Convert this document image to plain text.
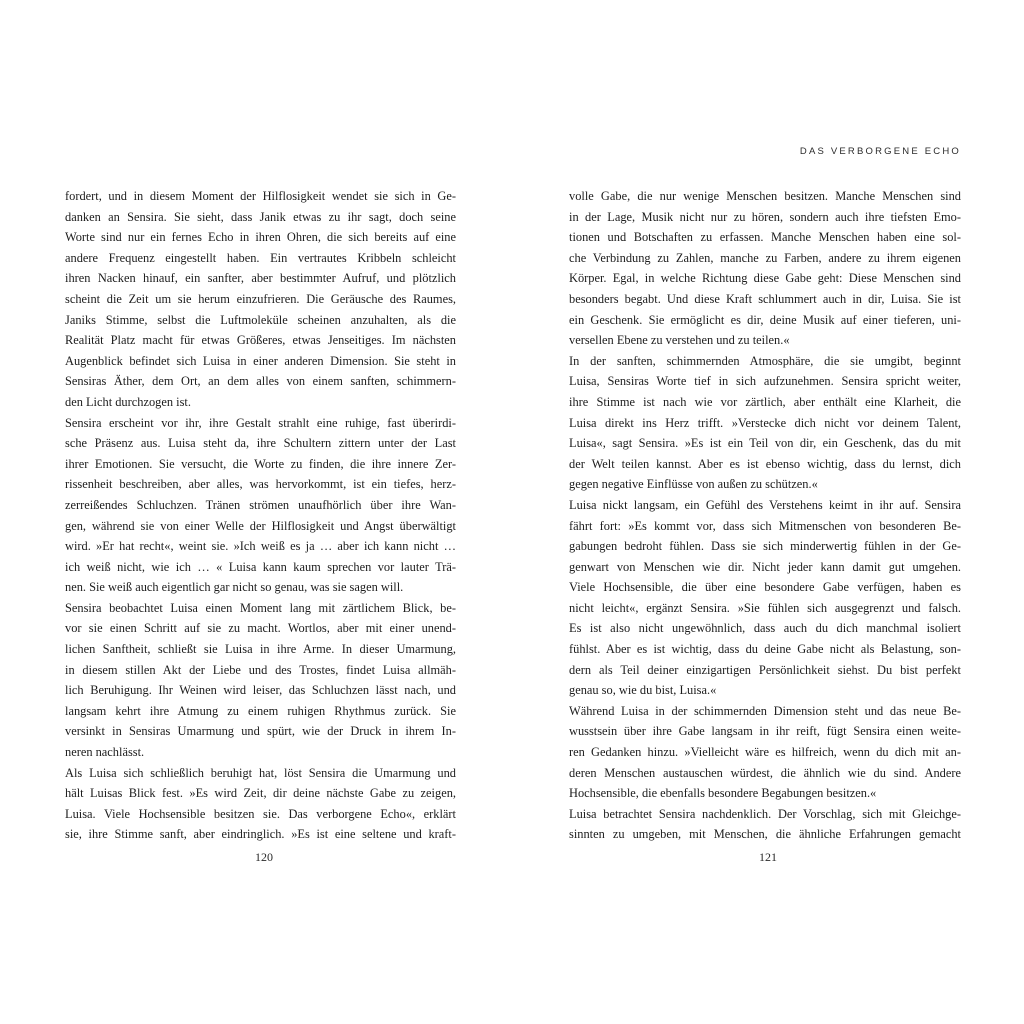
fordert, und in diesem Moment der Hilflosigkeit wendet sie sich in Ge-
danken an Sensira. Sie sieht, dass Janik etwas zu ihr sagt, doch seine
Worte sind nur ein fernes Echo in ihren Ohren, die sich bereits auf eine
andere Frequenz eingestellt haben. Ein vertrautes Kribbeln schleicht
ihren Nacken hinauf, ein sanfter, aber bestimmter Aufruf, und plötzlich
scheint die Zeit um sie herum einzufrieren. Die Geräusche des Raumes,
Janiks Stimme, selbst die Luftmoleküle scheinen anzuhalten, als die
Realität Platz macht für etwas Größeres, etwas Jenseitiges. Im nächsten
Augenblick befindet sich Luisa in einer anderen Dimension. Sie steht in
Sensiras Äther, dem Ort, an dem alles von einem sanften, schimmern-
den Licht durchzogen ist.
Sensira erscheint vor ihr, ihre Gestalt strahlt eine ruhige, fast überirdi-
sche Präsenz aus. Luisa steht da, ihre Schultern zittern unter der Last
ihrer Emotionen. Sie versucht, die Worte zu finden, die ihre innere Zer-
rissenheit beschreiben, aber alles, was hervorkommt, ist ein tiefes, herz-
zerreißendes Schluchzen. Tränen strömen unaufhörlich über ihre Wan-
gen, während sie von einer Welle der Hilflosigkeit und Angst überwältigt
wird. »Er hat recht«, weint sie. »Ich weiß es ja … aber ich kann nicht …
ich weiß nicht, wie ich … « Luisa kann kaum sprechen vor lauter Trä-
nen. Sie weiß auch eigentlich gar nicht so genau, was sie sagen will.
Sensira beobachtet Luisa einen Moment lang mit zärtlichem Blick, be-
vor sie einen Schritt auf sie zu macht. Wortlos, aber mit einer unend-
lichen Sanftheit, schließt sie Luisa in ihre Arme. In dieser Umarmung,
in diesem stillen Akt der Liebe und des Trostes, findet Luisa allmäh-
lich Beruhigung. Ihr Weinen wird leiser, das Schluchzen lässt nach, und
langsam kehrt ihre Atmung zu einem ruhigen Rhythmus zurück. Sie
versinkt in Sensiras Umarmung und spürt, wie der Druck in ihrem In-
neren nachlässt.
Als Luisa sich schließlich beruhigt hat, löst Sensira die Umarmung und
hält Luisas Blick fest. »Es wird Zeit, dir deine nächste Gabe zu zeigen,
Luisa. Viele Hochsensible besitzen sie. Das verborgene Echo«, erklärt
sie, ihre Stimme sanft, aber eindringlich. »Es ist eine seltene und kraft-
120
DAS VERBORGENE ECHO
volle Gabe, die nur wenige Menschen besitzen. Manche Menschen sind
in der Lage, Musik nicht nur zu hören, sondern auch ihre tiefsten Emo-
tionen und Botschaften zu erfassen. Manche Menschen haben eine sol-
che Verbindung zu Zahlen, manche zu Farben, andere zu ihrem eigenen
Körper. Egal, in welche Richtung diese Gabe geht: Diese Menschen sind
besonders begabt. Und diese Kraft schlummert auch in dir, Luisa. Sie ist
ein Geschenk. Sie ermöglicht es dir, deine Musik auf einer tieferen, uni-
versellen Ebene zu verstehen und zu teilen.«
In der sanften, schimmernden Atmosphäre, die sie umgibt, beginnt
Luisa, Sensiras Worte tief in sich aufzunehmen. Sensira spricht weiter,
ihre Stimme ist nach wie vor zärtlich, aber enthält eine Klarheit, die
Luisa direkt ins Herz trifft. »Verstecke dich nicht vor deinem Talent,
Luisa«, sagt Sensira. »Es ist ein Teil von dir, ein Geschenk, das du mit
der Welt teilen kannst. Aber es ist ebenso wichtig, dass du lernst, dich
gegen negative Einflüsse von außen zu schützen.«
Luisa nickt langsam, ein Gefühl des Verstehens keimt in ihr auf. Sensira
fährt fort: »Es kommt vor, dass sich Mitmenschen von besonderen Be-
gabungen bedroht fühlen. Dass sie sich minderwertig fühlen in der Ge-
genwart von Menschen wie dir. Nicht jeder kann damit gut umgehen.
Viele Hochsensible, die über eine besondere Gabe verfügen, haben es
nicht leicht«, ergänzt Sensira. »Sie fühlen sich ausgegrenzt und falsch.
Es ist also nicht ungewöhnlich, dass auch du dich manchmal isoliert
fühlst. Aber es ist wichtig, dass du deine Gabe nicht als Belastung, son-
dern als Teil deiner einzigartigen Persönlichkeit siehst. Du bist perfekt
genau so, wie du bist, Luisa.«
Während Luisa in der schimmernden Dimension steht und das neue Be-
wusstsein über ihre Gabe langsam in ihr reift, fügt Sensira einen weite-
ren Gedanken hinzu. »Vielleicht wäre es hilfreich, wenn du dich mit an-
deren Menschen austauschen würdest, die ähnlich wie du sind. Andere
Hochsensible, die ebenfalls besondere Begabungen besitzen.«
Luisa betrachtet Sensira nachdenklich. Der Vorschlag, sich mit Gleichge-
sinnten zu umgeben, mit Menschen, die ähnliche Erfahrungen gemacht
121
